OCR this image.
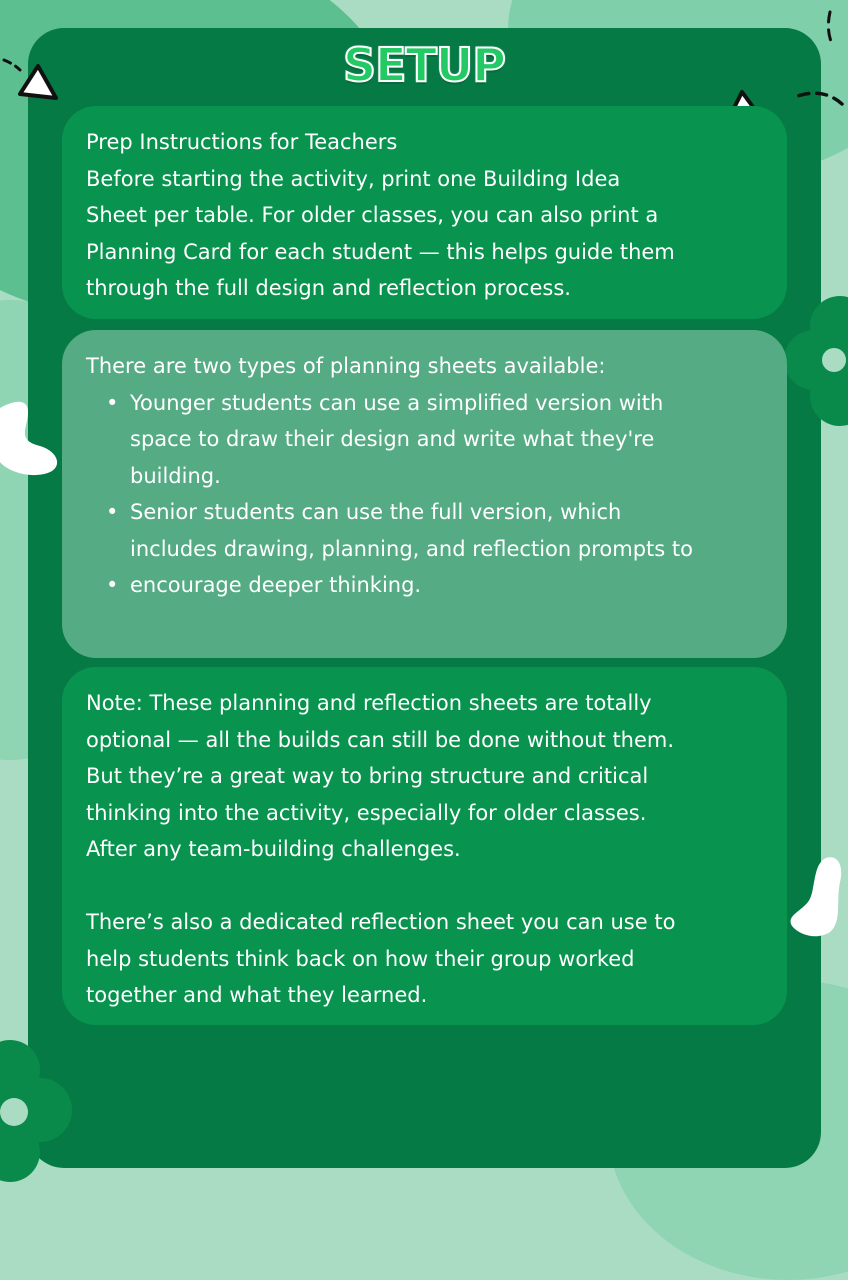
SETUP
Prep Instructions for Teachers
Before starting the activity, print one Building Idea
Sheet per table. For older classes, you can also print a
Planning Card for each student — this helps guide them
through the full design and reflection process.
There are two types of planning sheets available:
• Younger students can use a simplified version with
space to draw their design and write what they're
building.
• Senior students can use the full version, which
includes drawing, planning, and reflection prompts to
• encourage deeper thinking.
Note: These planning and reflection sheets are totally
optional — all the builds can still be done without them.
But they’re a great way to bring structure and critical
thinking into the activity, especially for older classes.
After any team-building challenges.
There’s also a dedicated reflection sheet you can use to
help students think back on how their group worked
together and what they learned.
